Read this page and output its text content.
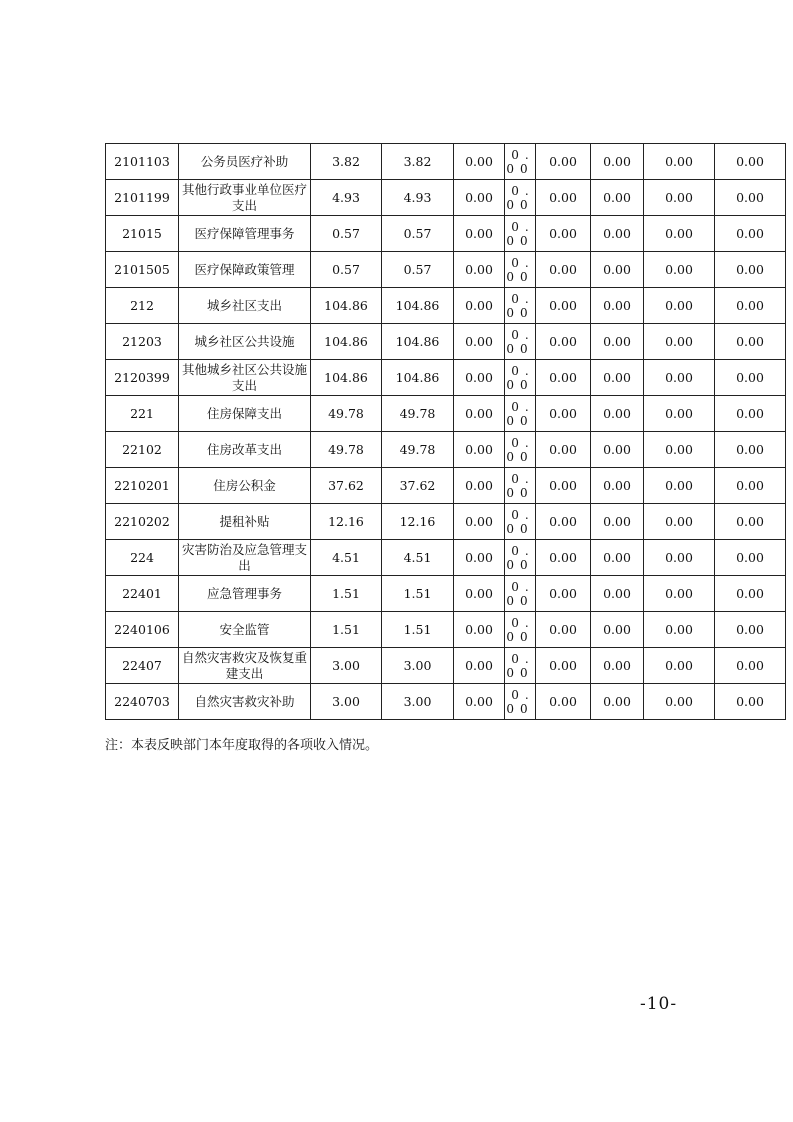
2101103	公务员医疗补助	3.82	3.82	0.00	0.00	0.00	0.00	0.00	0.00
2101199	其他行政事业单位医疗支出	4.93	4.93	0.00	0.00	0.00	0.00	0.00	0.00
21015	医疗保障管理事务	0.57	0.57	0.00	0.00	0.00	0.00	0.00	0.00
2101505	医疗保障政策管理	0.57	0.57	0.00	0.00	0.00	0.00	0.00	0.00
212	城乡社区支出	104.86	104.86	0.00	0.00	0.00	0.00	0.00	0.00
21203	城乡社区公共设施	104.86	104.86	0.00	0.00	0.00	0.00	0.00	0.00
2120399	其他城乡社区公共设施支出	104.86	104.86	0.00	0.00	0.00	0.00	0.00	0.00
221	住房保障支出	49.78	49.78	0.00	0.00	0.00	0.00	0.00	0.00
22102	住房改革支出	49.78	49.78	0.00	0.00	0.00	0.00	0.00	0.00
2210201	住房公积金	37.62	37.62	0.00	0.00	0.00	0.00	0.00	0.00
2210202	提租补贴	12.16	12.16	0.00	0.00	0.00	0.00	0.00	0.00
224	灾害防治及应急管理支出	4.51	4.51	0.00	0.00	0.00	0.00	0.00	0.00
22401	应急管理事务	1.51	1.51	0.00	0.00	0.00	0.00	0.00	0.00
2240106	安全监管	1.51	1.51	0.00	0.00	0.00	0.00	0.00	0.00
22407	自然灾害救灾及恢复重建支出	3.00	3.00	0.00	0.00	0.00	0.00	0.00	0.00
2240703	自然灾害救灾补助	3.00	3.00	0.00	0.00	0.00	0.00	0.00	0.00
注：本表反映部门本年度取得的各项收入情况。
-10-
